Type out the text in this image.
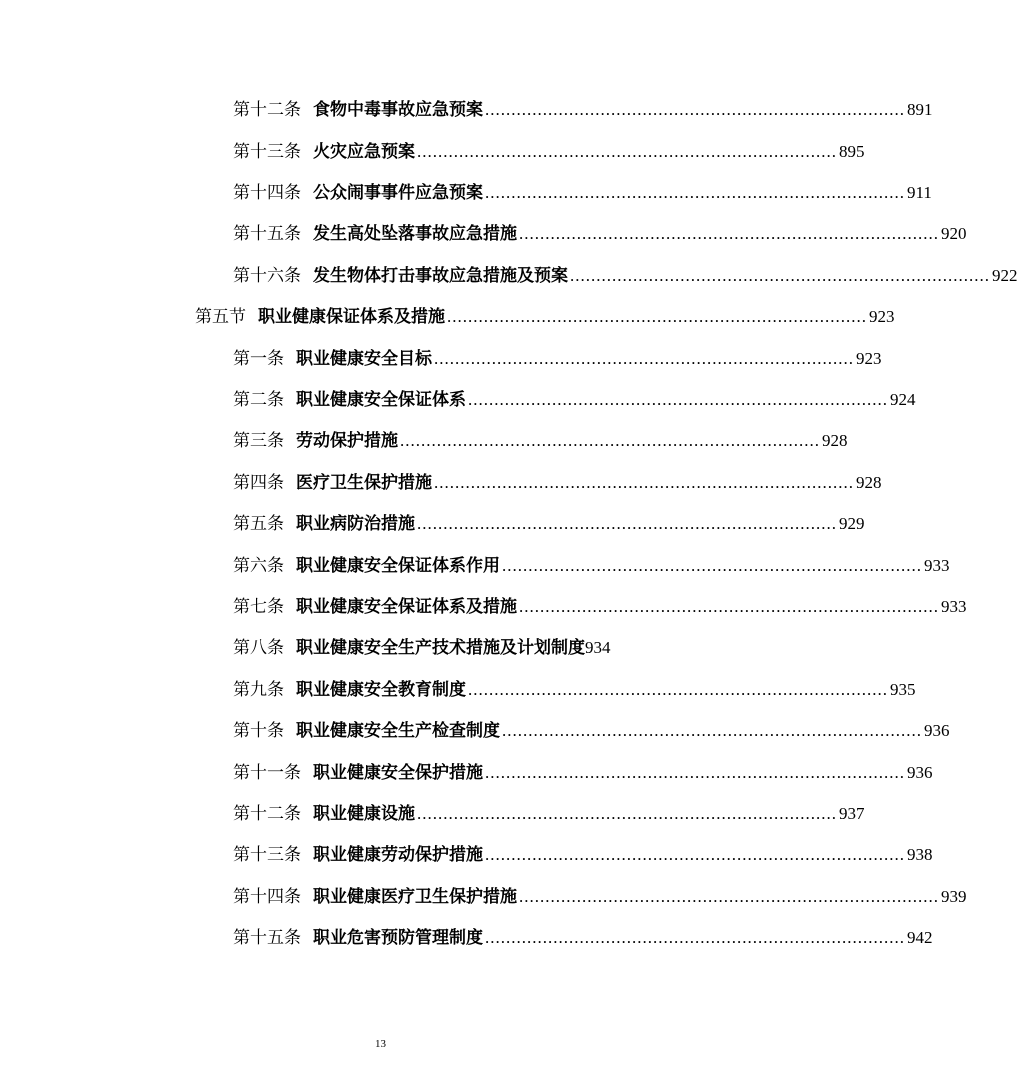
第十二条 食物中毒事故应急预案 ................................................................................ 891
第十三条 火灾应急预案 ................................................................................ 895
第十四条 公众闹事事件应急预案 ................................................................................ 911
第十五条 发生高处坠落事故应急措施 ................................................................................ 920
第十六条 发生物体打击事故应急措施及预案 ................................................................................ 922
第五节 职业健康保证体系及措施 ................................................................................ 923
第一条 职业健康安全目标 ................................................................................ 923
第二条 职业健康安全保证体系 ................................................................................ 924
第三条 劳动保护措施 ................................................................................ 928
第四条 医疗卫生保护措施 ................................................................................ 928
第五条 职业病防治措施 ................................................................................ 929
第六条 职业健康安全保证体系作用 ................................................................................ 933
第七条 职业健康安全保证体系及措施 ................................................................................ 933
第八条 职业健康安全生产技术措施及计划制度 934
第九条 职业健康安全教育制度 ................................................................................ 935
第十条 职业健康安全生产检查制度 ................................................................................ 936
第十一条 职业健康安全保护措施 ................................................................................ 936
第十二条 职业健康设施 ................................................................................ 937
第十三条 职业健康劳动保护措施 ................................................................................ 938
第十四条 职业健康医疗卫生保护措施 ................................................................................ 939
第十五条 职业危害预防管理制度 ................................................................................ 942
13
